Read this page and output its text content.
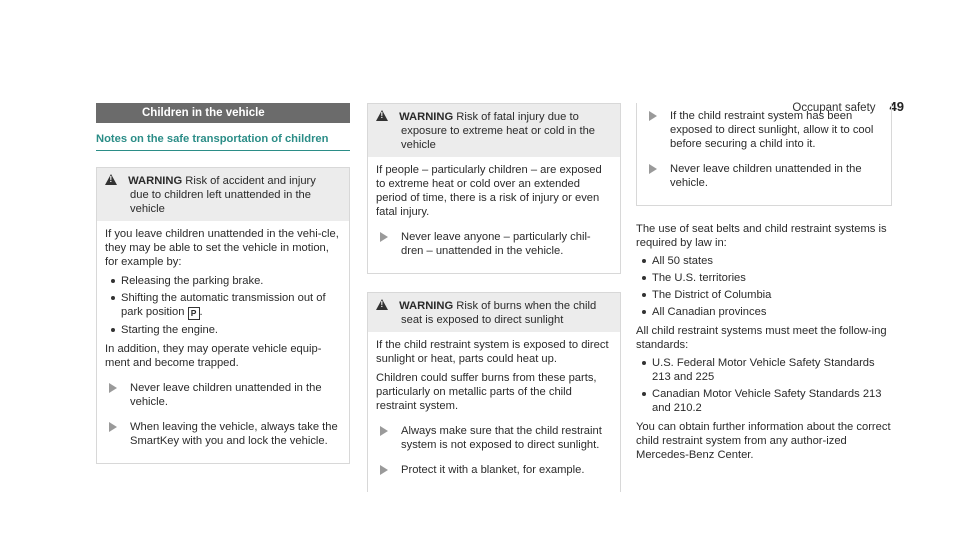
Occupant safety 49
Children in the vehicle
Notes on the safe transportation of children
! WARNING Risk of accident and injury
due to children left unattended in the
vehicle

If you leave children unattended in the vehi-cle, they may be able to set the vehicle in motion, for example by:

Releasing the parking brake.
Shifting the automatic transmission out of park position P .
Starting the engine.

In addition, they may operate vehicle equip-ment and become trapped.

Never leave children unattended in the vehicle.
When leaving the vehicle, always take the SmartKey with you and lock the vehicle.
! WARNING Risk of fatal injury due to
exposure to extreme heat or cold in the
vehicle

If people – particularly children – are exposed to extreme heat or cold over an extended period of time, there is a risk of injury or even fatal injury.

Never leave anyone – particularly chil-dren – unattended in the vehicle.
! WARNING Risk of burns when the child
seat is exposed to direct sunlight

If the child restraint system is exposed to direct sunlight or heat, parts could heat up.

Children could suffer burns from these parts, particularly on metallic parts of the child restraint system.

Always make sure that the child restraint system is not exposed to direct sunlight.
Protect it with a blanket, for example.
If the child restraint system has been exposed to direct sunlight, allow it to cool before securing a child into it.
Never leave children unattended in the vehicle.

The use of seat belts and child restraint systems is required by law in:

All 50 states
The U.S. territories
The District of Columbia
All Canadian provinces

All child restraint systems must meet the follow-ing standards:

U.S. Federal Motor Vehicle Safety Standards 213 and 225
Canadian Motor Vehicle Safety Standards 213 and 210.2

You can obtain further information about the correct child restraint system from any author-ized Mercedes-Benz Center.
